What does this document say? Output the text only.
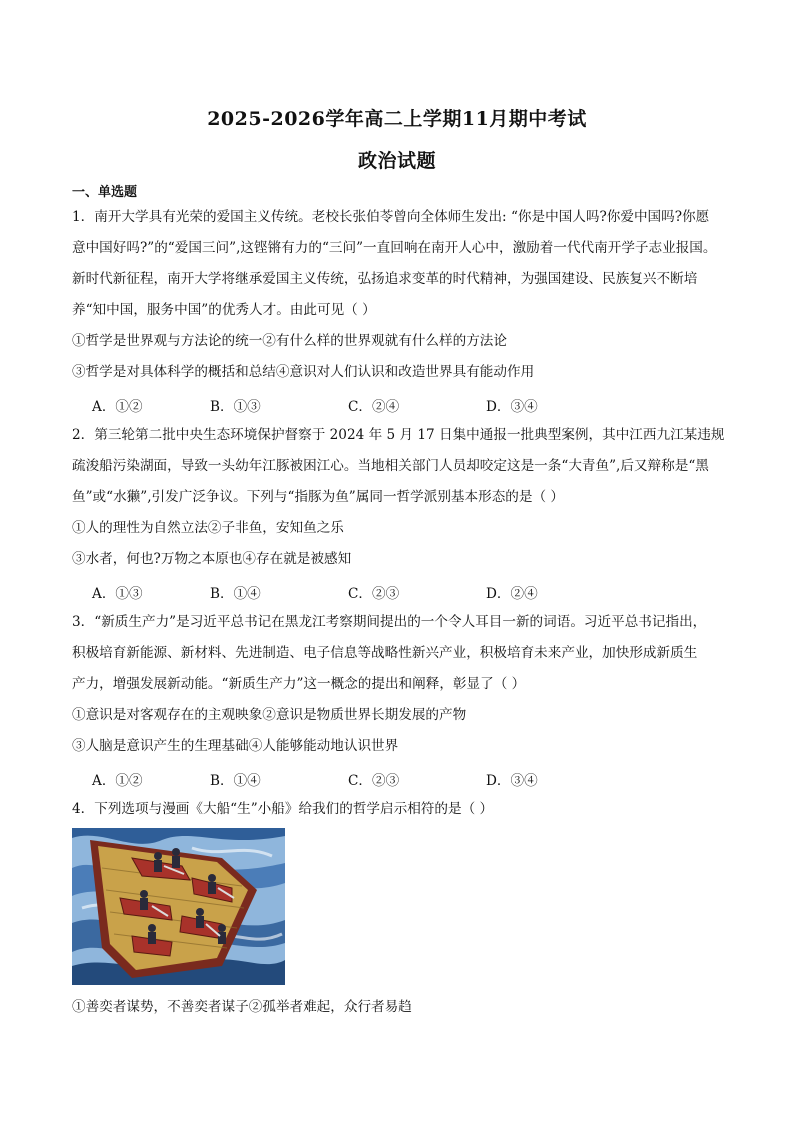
2025-2026学年高二上学期11月期中考试
政治试题
一、单选题
1．南开大学具有光荣的爱国主义传统。老校长张伯苓曾向全体师生发出: “你是中国人吗?你爱中国吗?你愿
意中国好吗?”的“爱国三问”,这铿锵有力的“三问”一直回响在南开人心中，激励着一代代南开学子志业报国。
新时代新征程，南开大学将继承爱国主义传统，弘扬追求变革的时代精神，为强国建设、民族复兴不断培
养“知中国，服务中国”的优秀人才。由此可见（ ）
①哲学是世界观与方法论的统一②有什么样的世界观就有什么样的方法论
③哲学是对具体科学的概括和总结④意识对人们认识和改造世界具有能动作用
A．①②	B．①③	C．②④	D．③④
2．第三轮第二批中央生态环境保护督察于 2024 年 5 月 17 日集中通报一批典型案例，其中江西九江某违规
疏浚船污染湖面，导致一头幼年江豚被困江心。当地相关部门人员却咬定这是一条“大青鱼”,后又辩称是“黑
鱼”或“水獭”,引发广泛争议。下列与“指豚为鱼”属同一哲学派别基本形态的是（ ）
①人的理性为自然立法②子非鱼，安知鱼之乐
③水者，何也?万物之本原也④存在就是被感知
A．①③	B．①④	C．②③	D．②④
3．“新质生产力”是习近平总书记在黑龙江考察期间提出的一个令人耳目一新的词语。习近平总书记指出，
积极培育新能源、新材料、先进制造、电子信息等战略性新兴产业，积极培育未来产业，加快形成新质生
产力，增强发展新动能。“新质生产力”这一概念的提出和阐释，彰显了（ ）
①意识是对客观存在的主观映象②意识是物质世界长期发展的产物
③人脑是意识产生的生理基础④人能够能动地认识世界
A．①②	B．①④	C．②③	D．③④
4．下列选项与漫画《大船“生”小船》给我们的哲学启示相符的是（ ）
①善奕者谋势，不善奕者谋子②孤举者难起，众行者易趋
